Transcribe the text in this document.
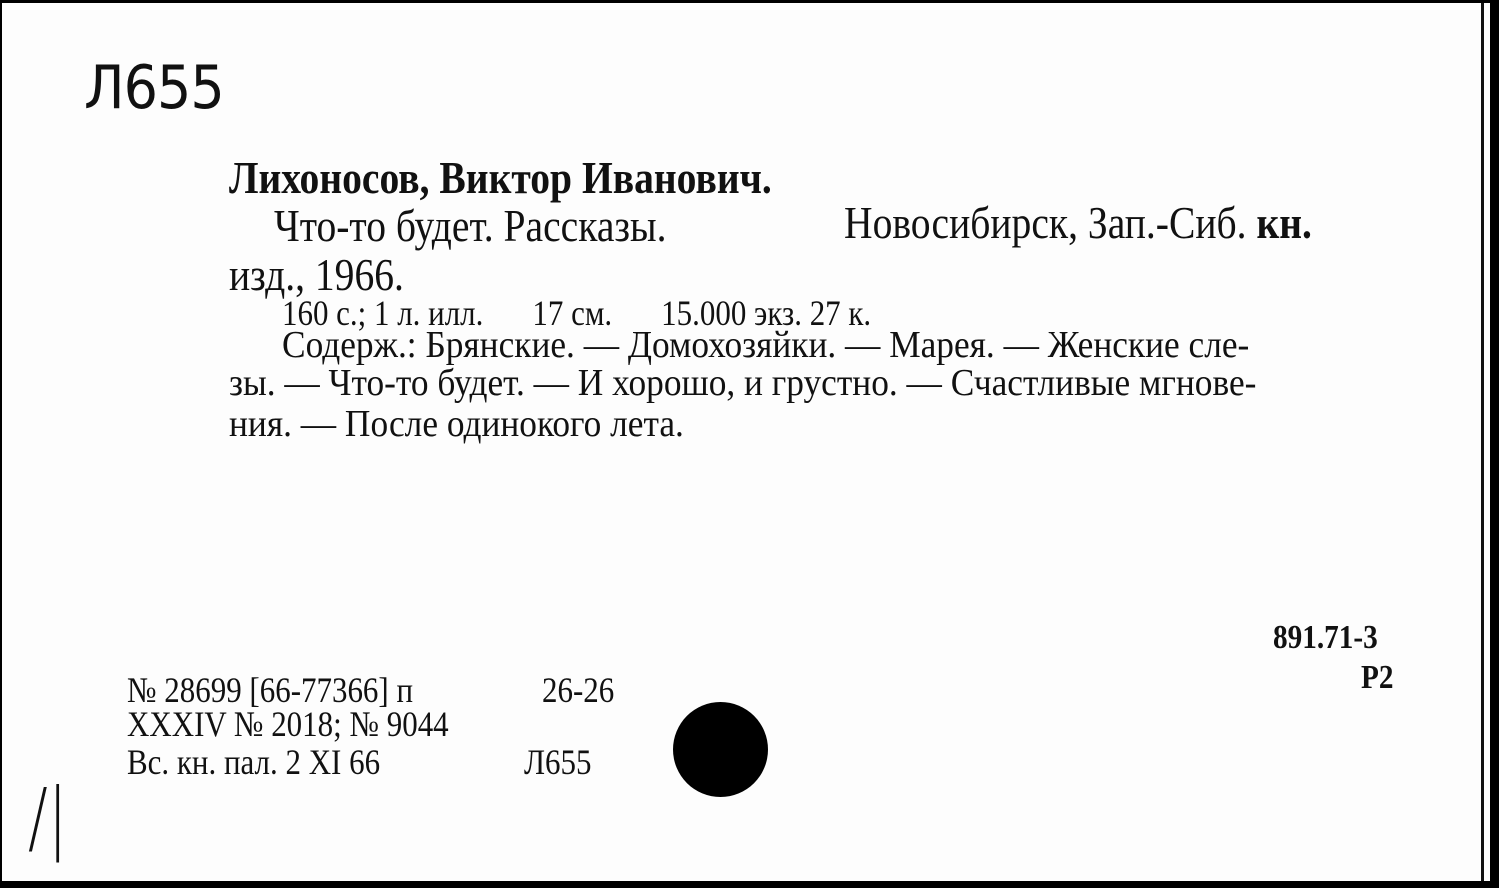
Л655
Лихоносов, Виктор Иванович.
Что-то будет. Рассказы.	Новосибирск, Зап.-Сиб. кн.
изд., 1966.
160 с.; 1 л. илл. 17 см. 15.000 экз. 27 к.
Содерж.: Брянские. — Домохозяйки. — Марея. — Женские сле-
зы. — Что-то будет. — И хорошо, и грустно. — Счастливые мгнове-
ния. — После одинокого лета.
891.71-3
Р2
№ 28699 [66-77366] п	26-26
XXXIV № 2018; № 9044
Вс. кн. пал. 2 XI 66	Л655
/|
